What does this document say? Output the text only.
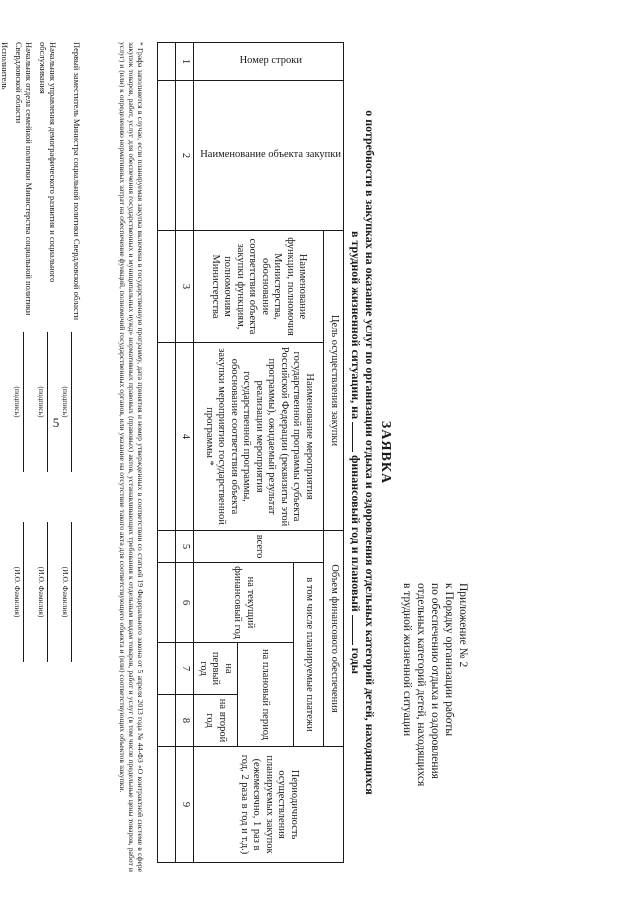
5
Приложение № 2
к Порядку организации работы
по обеспечению отдыха и оздоровления
отдельных категорий детей, находящихся
в трудной жизненной ситуации
ЗАЯВКА
о потребности в закупках на оказание услуг по организации отдыха и оздоровления отдельных категорий детей, находящихся
в трудной жизненной ситуации, на  финансовый год и плановый  годы
Номер строки	Наименование объекта закупки	Цель осуществления закупки		Объем финансового обеспечения				Периодичность осуществления планируемых закупок (ежемесячно, 1 раз в год, 2 раза в год и т.д.)
		Наименование функции, полномочия Министерства, обоснование соответствия объекта закупки функциям, полномочиям Министерства	Наименование мероприятия государственной программы субъекта Российской Федерации (реквизиты этой программы), ожидаемый результат реализации мероприятия государственной программы, обоснование соответствия объекта закупки мероприятию государственной программы *	всего	в том числе планируемые платежи			
					на текущий финансовый год	на плановый период		
						на первый год	на второй год	
1	2	3	4	5	6	7	8	9

* Графа заполняется в случае, если планируемая закупка включена в государственную программу, дата принятия и номер утвержденных в соответствии со статьей 19 Федерального закона от 5 апреля 2013 года № 44-ФЗ «О контрактной системе в сфере закупок товаров, работ, услуг для обеспечения государственных и муниципальных нужд» нормативных правовых (правовых) актов, устанавливающих требования к отдельным видам товаров, работ и услуг (в том числе предельные цены товаров, работ и услуг) и (или) к определению нормативных затрат на обеспечение функций, полномочий государственных органов, или указание на отсутствие такого акта для соответствующего объекта и (или) соответствующих объектов закупки.
Первый заместитель Министра социальной политики Свердловской области
(подпись)
(И.О. Фамилия)
Начальник управления демографического развития и социального обслуживания
(подпись)
(И.О. Фамилия)
Начальник отдела семейной политики Министерства социальной политики Свердловской области
(подпись)
(И.О. Фамилия)
Исполнитель
